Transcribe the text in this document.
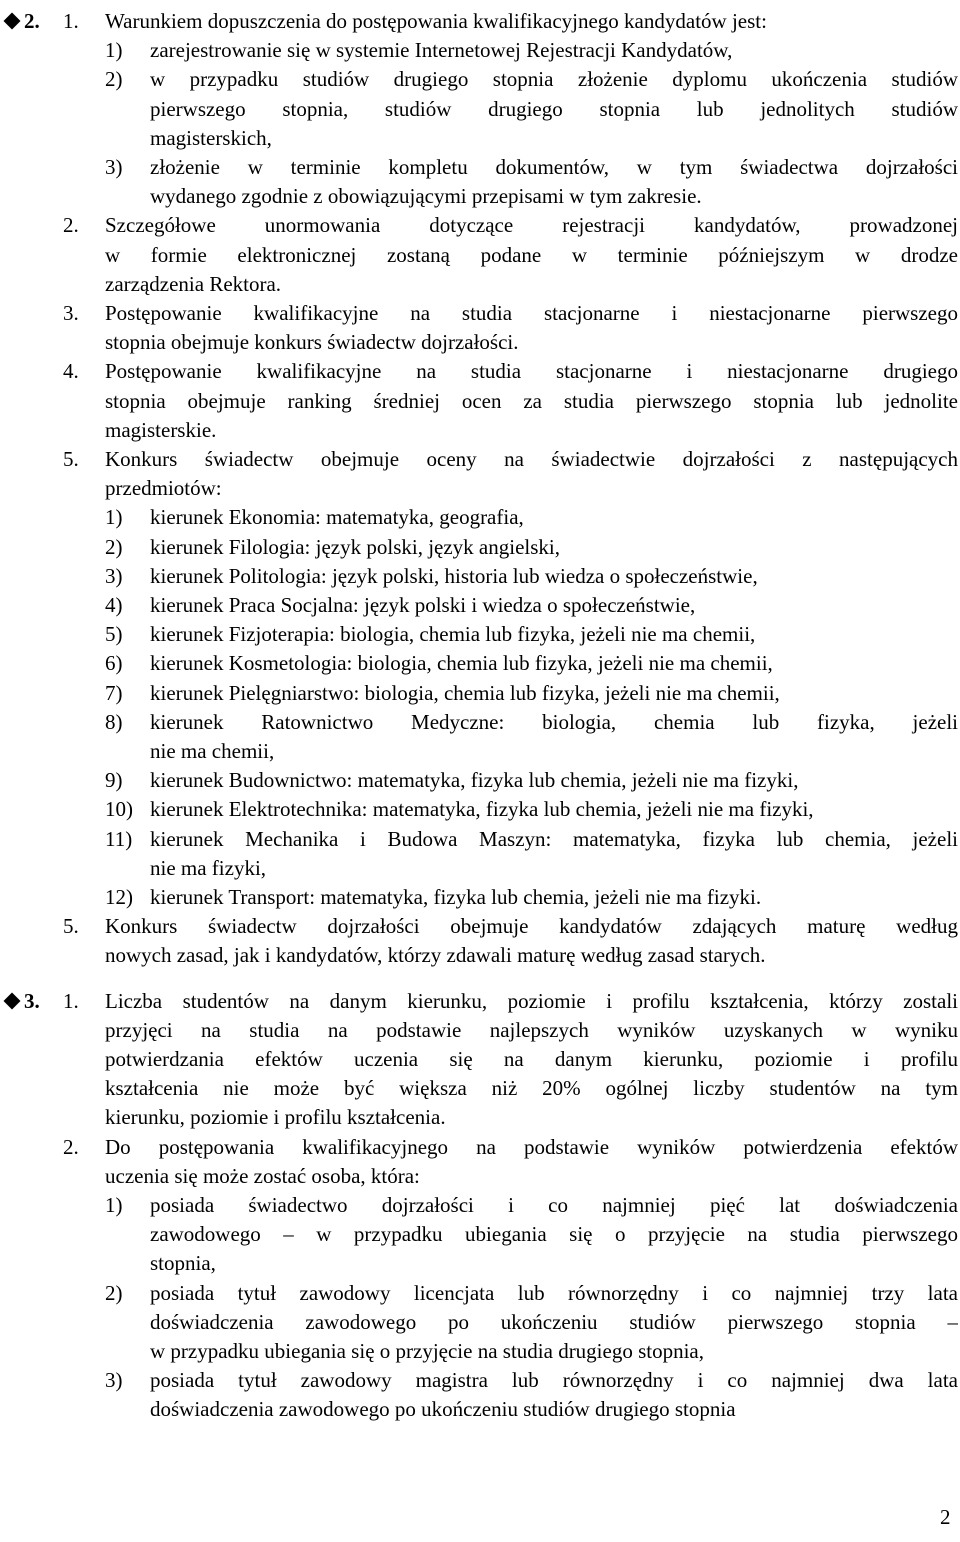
2. 1. Warunkiem dopuszczenia do postępowania kwalifikacyjnego kandydatów jest:
1) zarejestrowanie się w systemie Internetowej Rejestracji Kandydatów,
2) w przypadku studiów drugiego stopnia złożenie dyplomu ukończenia studiów
pierwszego stopnia, studiów drugiego stopnia lub jednolitych studiów
magisterskich,
3) złożenie w terminie kompletu dokumentów, w tym świadectwa dojrzałości
wydanego zgodnie z obowiązującymi przepisami w tym zakresie.
2. Szczegółowe unormowania dotyczące rejestracji kandydatów, prowadzonej
w formie elektronicznej zostaną podane w terminie późniejszym w drodze
zarządzenia Rektora.
3. Postępowanie kwalifikacyjne na studia stacjonarne i niestacjonarne pierwszego
stopnia obejmuje konkurs świadectw dojrzałości.
4. Postępowanie kwalifikacyjne na studia stacjonarne i niestacjonarne drugiego
stopnia obejmuje ranking średniej ocen za studia pierwszego stopnia lub jednolite
magisterskie.
5. Konkurs świadectw obejmuje oceny na świadectwie dojrzałości z następujących
przedmiotów:
1) kierunek Ekonomia: matematyka, geografia,
2) kierunek Filologia: język polski, język angielski,
3) kierunek Politologia: język polski, historia lub wiedza o społeczeństwie,
4) kierunek Praca Socjalna: język polski i wiedza o społeczeństwie,
5) kierunek Fizjoterapia: biologia, chemia lub fizyka, jeżeli nie ma chemii,
6) kierunek Kosmetologia: biologia, chemia lub fizyka, jeżeli nie ma chemii,
7) kierunek Pielęgniarstwo: biologia, chemia lub fizyka, jeżeli nie ma chemii,
8) kierunek Ratownictwo Medyczne: biologia, chemia lub fizyka, jeżeli
nie ma chemii,
9) kierunek Budownictwo: matematyka, fizyka lub chemia, jeżeli nie ma fizyki,
10) kierunek Elektrotechnika: matematyka, fizyka lub chemia, jeżeli nie ma fizyki,
11) kierunek Mechanika i Budowa Maszyn: matematyka, fizyka lub chemia, jeżeli
nie ma fizyki,
12) kierunek Transport: matematyka, fizyka lub chemia, jeżeli nie ma fizyki.
5. Konkurs świadectw dojrzałości obejmuje kandydatów zdających maturę według
nowych zasad, jak i kandydatów, którzy zdawali maturę według zasad starych.
3. 1. Liczba studentów na danym kierunku, poziomie i profilu kształcenia, którzy zostali
przyjęci na studia na podstawie najlepszych wyników uzyskanych w wyniku
potwierdzania efektów uczenia się na danym kierunku, poziomie i profilu
kształcenia nie może być większa niż 20% ogólnej liczby studentów na tym
kierunku, poziomie i profilu kształcenia.
2. Do postępowania kwalifikacyjnego na podstawie wyników potwierdzenia efektów
uczenia się może zostać osoba, która:
1) posiada świadectwo dojrzałości i co najmniej pięć lat doświadczenia
zawodowego – w przypadku ubiegania się o przyjęcie na studia pierwszego
stopnia,
2) posiada tytuł zawodowy licencjata lub równorzędny i co najmniej trzy lata
doświadczenia zawodowego po ukończeniu studiów pierwszego stopnia –
w przypadku ubiegania się o przyjęcie na studia drugiego stopnia,
3) posiada tytuł zawodowy magistra lub równorzędny i co najmniej dwa lata
doświadczenia zawodowego po ukończeniu studiów drugiego stopnia
2
